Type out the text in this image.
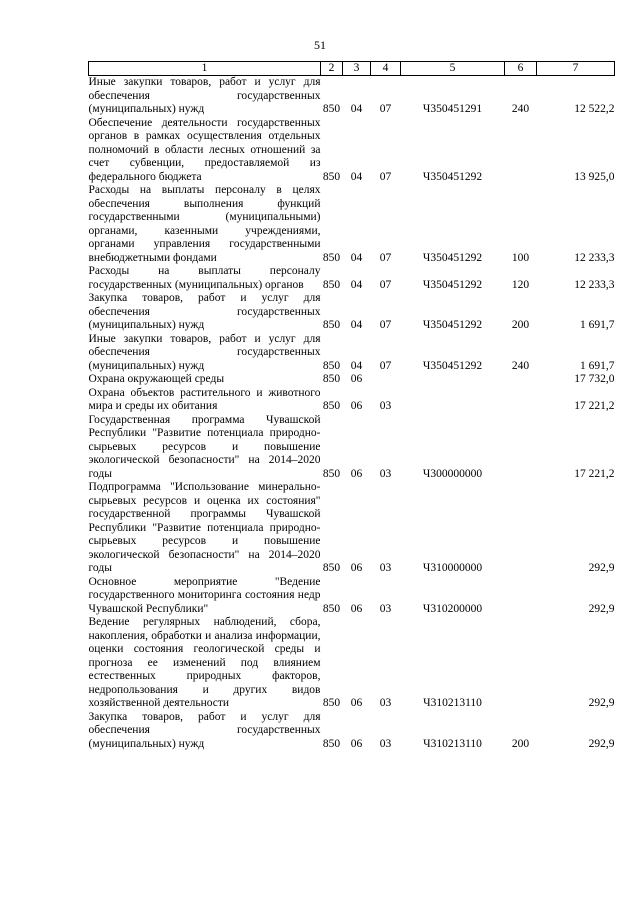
51
1	2	3	4	5	6	7
Иные закупки товаров, работ и услуг для обеспечения государственных (муниципальных) нужд	850	04	07	Ч350451291	240	12 522,2
Обеспечение деятельности государственных органов в рамках осуществления отдельных полномочий в области лесных отношений за счет субвенции, предоставляемой из федерального бюджета	850	04	07	Ч350451292		13 925,0
Расходы на выплаты персоналу в целях обеспечения выполнения функций государственными (муниципальными) органами, казенными учреждениями, органами управления государственными внебюджетными фондами	850	04	07	Ч350451292	100	12 233,3
Расходы на выплаты персоналу государственных (муниципальных) органов	850	04	07	Ч350451292	120	12 233,3
Закупка товаров, работ и услуг для обеспечения государственных (муниципальных) нужд	850	04	07	Ч350451292	200	1 691,7
Иные закупки товаров, работ и услуг для обеспечения государственных (муниципальных) нужд	850	04	07	Ч350451292	240	1 691,7
Охрана окружающей среды	850	06				17 732,0
Охрана объектов растительного и животного мира и среды их обитания	850	06	03			17 221,2
Государственная программа Чувашской Республики "Развитие потенциала природно-сырьевых ресурсов и повышение экологической безопасности" на 2014–2020 годы	850	06	03	Ч300000000		17 221,2
Подпрограмма "Использование минерально-сырьевых ресурсов и оценка их состояния" государственной программы Чувашской Республики "Развитие потенциала природно-сырьевых ресурсов и повышение экологической безопасности" на 2014–2020 годы	850	06	03	Ч310000000		292,9
Основное мероприятие "Ведение государственного мониторинга состояния недр Чувашской Республики"	850	06	03	Ч310200000		292,9
Ведение регулярных наблюдений, сбора, накопления, обработки и анализа информации, оценки состояния геологической среды и прогноза ее изменений под влиянием естественных природных факторов, недропользования и других видов хозяйственной деятельности	850	06	03	Ч310213110		292,9
Закупка товаров, работ и услуг для обеспечения государственных (муниципальных) нужд	850	06	03	Ч310213110	200	292,9
